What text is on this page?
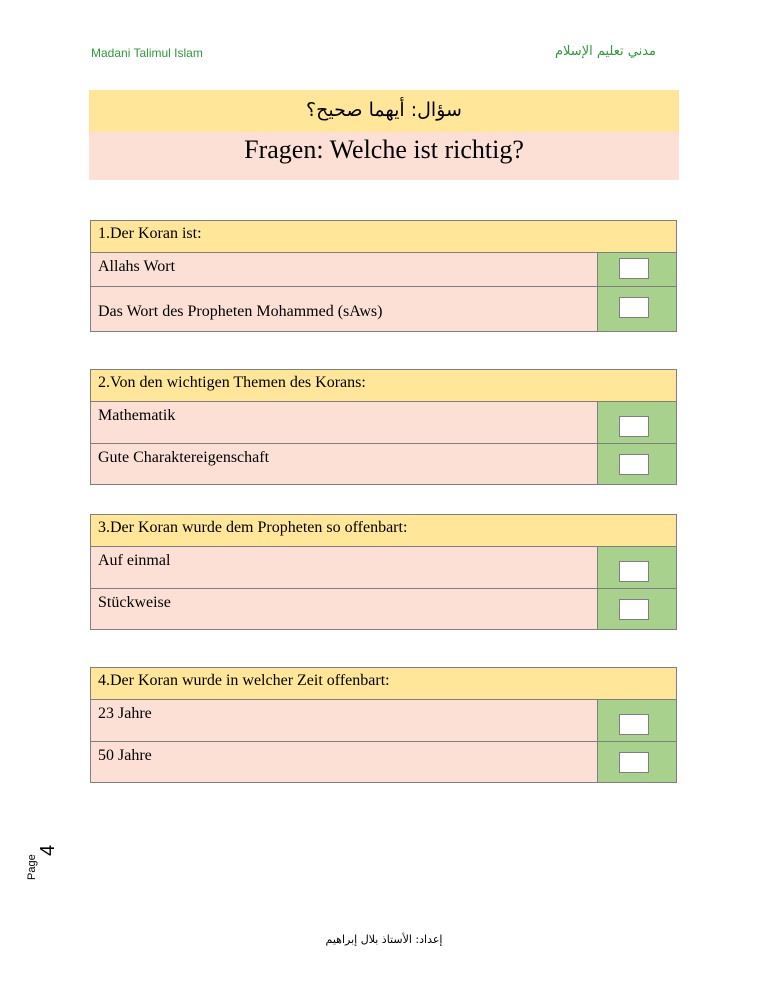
Madani Talimul Islam	مدني تعليم الإسلام
سؤال: أيهما صحيح؟
Fragen: Welche ist richtig?
1.Der Koran ist:
Allahs Wort
Das Wort des Propheten Mohammed (sAws)
2.Von den wichtigen Themen des Korans:
Mathematik
Gute Charaktereigenschaft
3.Der Koran wurde dem Propheten so offenbart:
Auf einmal
Stückweise
4.Der Koran wurde in welcher Zeit offenbart:
23 Jahre
50 Jahre
Page
4
إعداد: الأستاذ بلال إبراهيم
